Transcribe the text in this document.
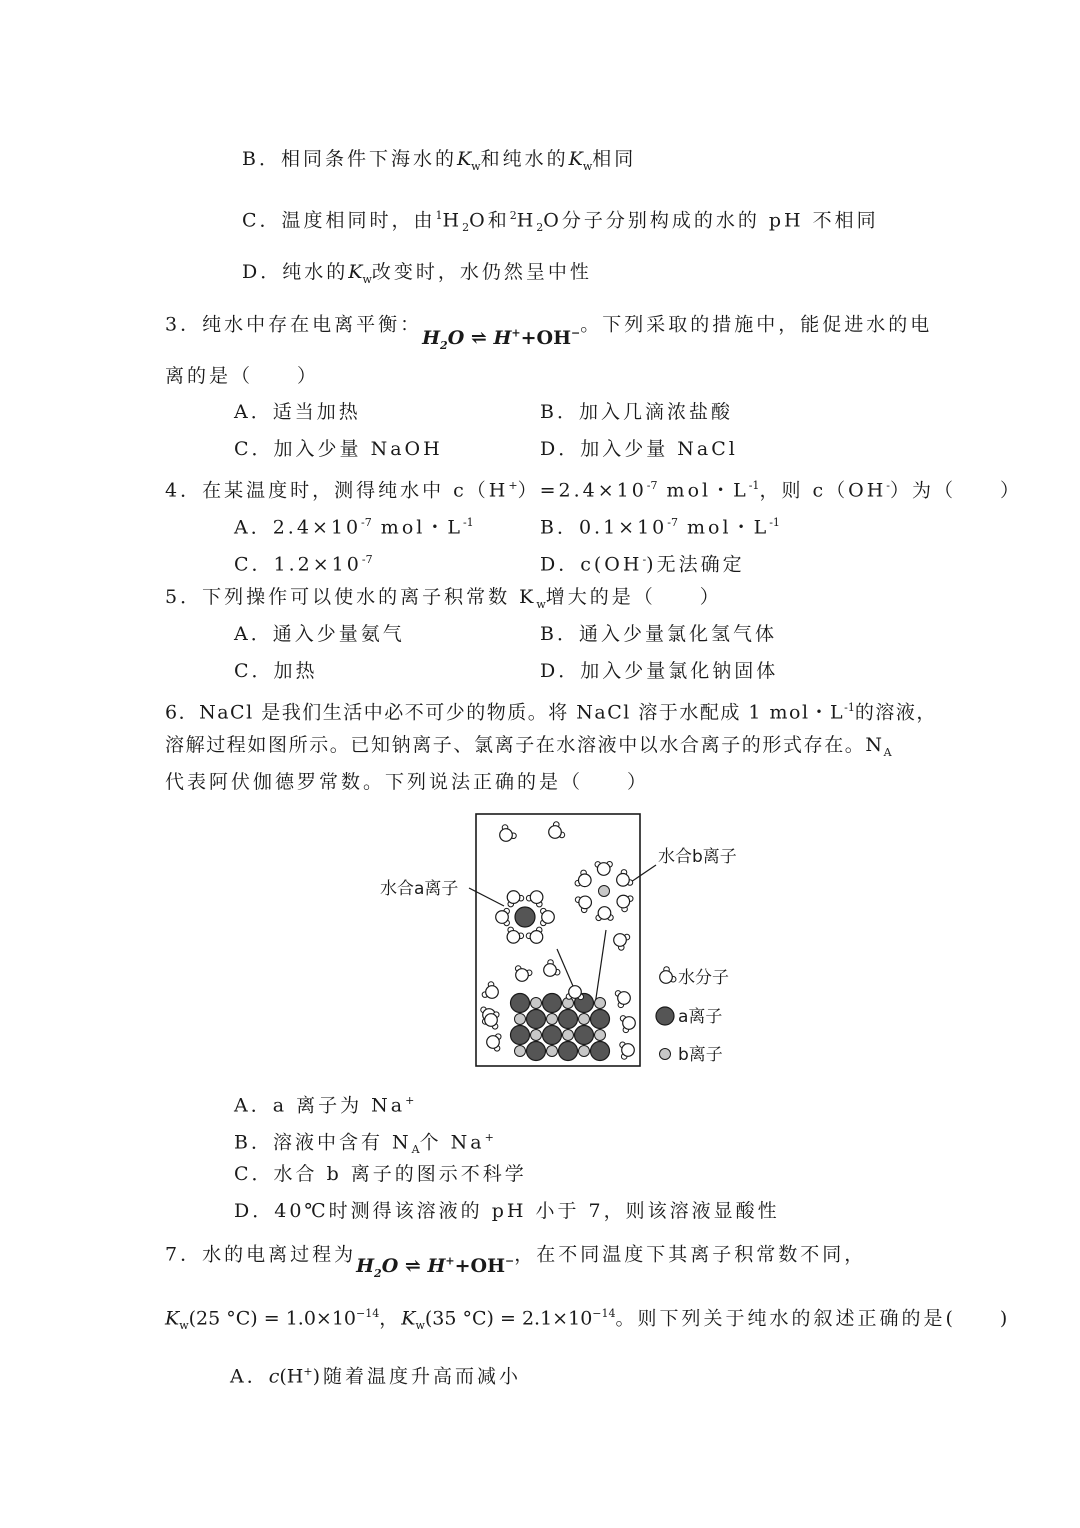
B．相同条件下海水的$K_w$和纯水的$K_w$相同
C．温度相同时，由$^1H_2O$和$^2H_2O$分子分别构成的水的 pH 不相同
D．纯水的$K_w$改变时，水仍然呈中性
3．纯水中存在电离平衡：$H_2O$ ⇌ H++OH−。下列采取的措施中，能促进水的电
离的是（　　）
A．适当加热	B．加入几滴浓盐酸
C．加入少量 NaOH	D．加入少量 NaCl
4．在某温度时，测得纯水中 $c(H^+)=2.4\times 10^{-7}$ mol・$L^{-1}$，则 c（OH-）为（　　）
A．$2.4\times 10^{-7}$ mol・$L^{-1}$	B．$0.1\times 10^{-7}$ mol・$L^{-1}$
C．$1.2\times 10^{-7}$	D．c(OH-)无法确定
5．下列操作可以使水的离子积常数 $K_w$增大的是（　　）
A．通入少量氨气	B．通入少量氯化氢气体
C．加热	D．加入少量氯化钠固体
6．NaCl 是我们生活中必不可少的物质。将 NaCl 溶于水配成 1 mol・$L^{-1}$的溶液，
溶解过程如图所示。已知钠离子、氯离子在水溶液中以水合离子的形式存在。$N_A$
代表阿伏伽德罗常数。下列说法正确的是（　　）
水合a离子
水合b离子
水分子
a离子
b离子
A．a 离子为 Na+
B．溶液中含有 $N_A$个 Na+
C．水合 b 离子的图示不科学
D．40℃时测得该溶液的 pH 小于 7，则该溶液显酸性
7．水的电离过程为$H_2O$ ⇌ H++OH−，在不同温度下其离子积常数不同，
$K_w(25$ $^\circ C) = 1.0\times 10^{-14}$，$K_w(35$ $^\circ C) = 2.1\times 10^{-14}$。则下列关于纯水的叙述正确的是(　　)
A．c(H+)随着温度升高而减小
